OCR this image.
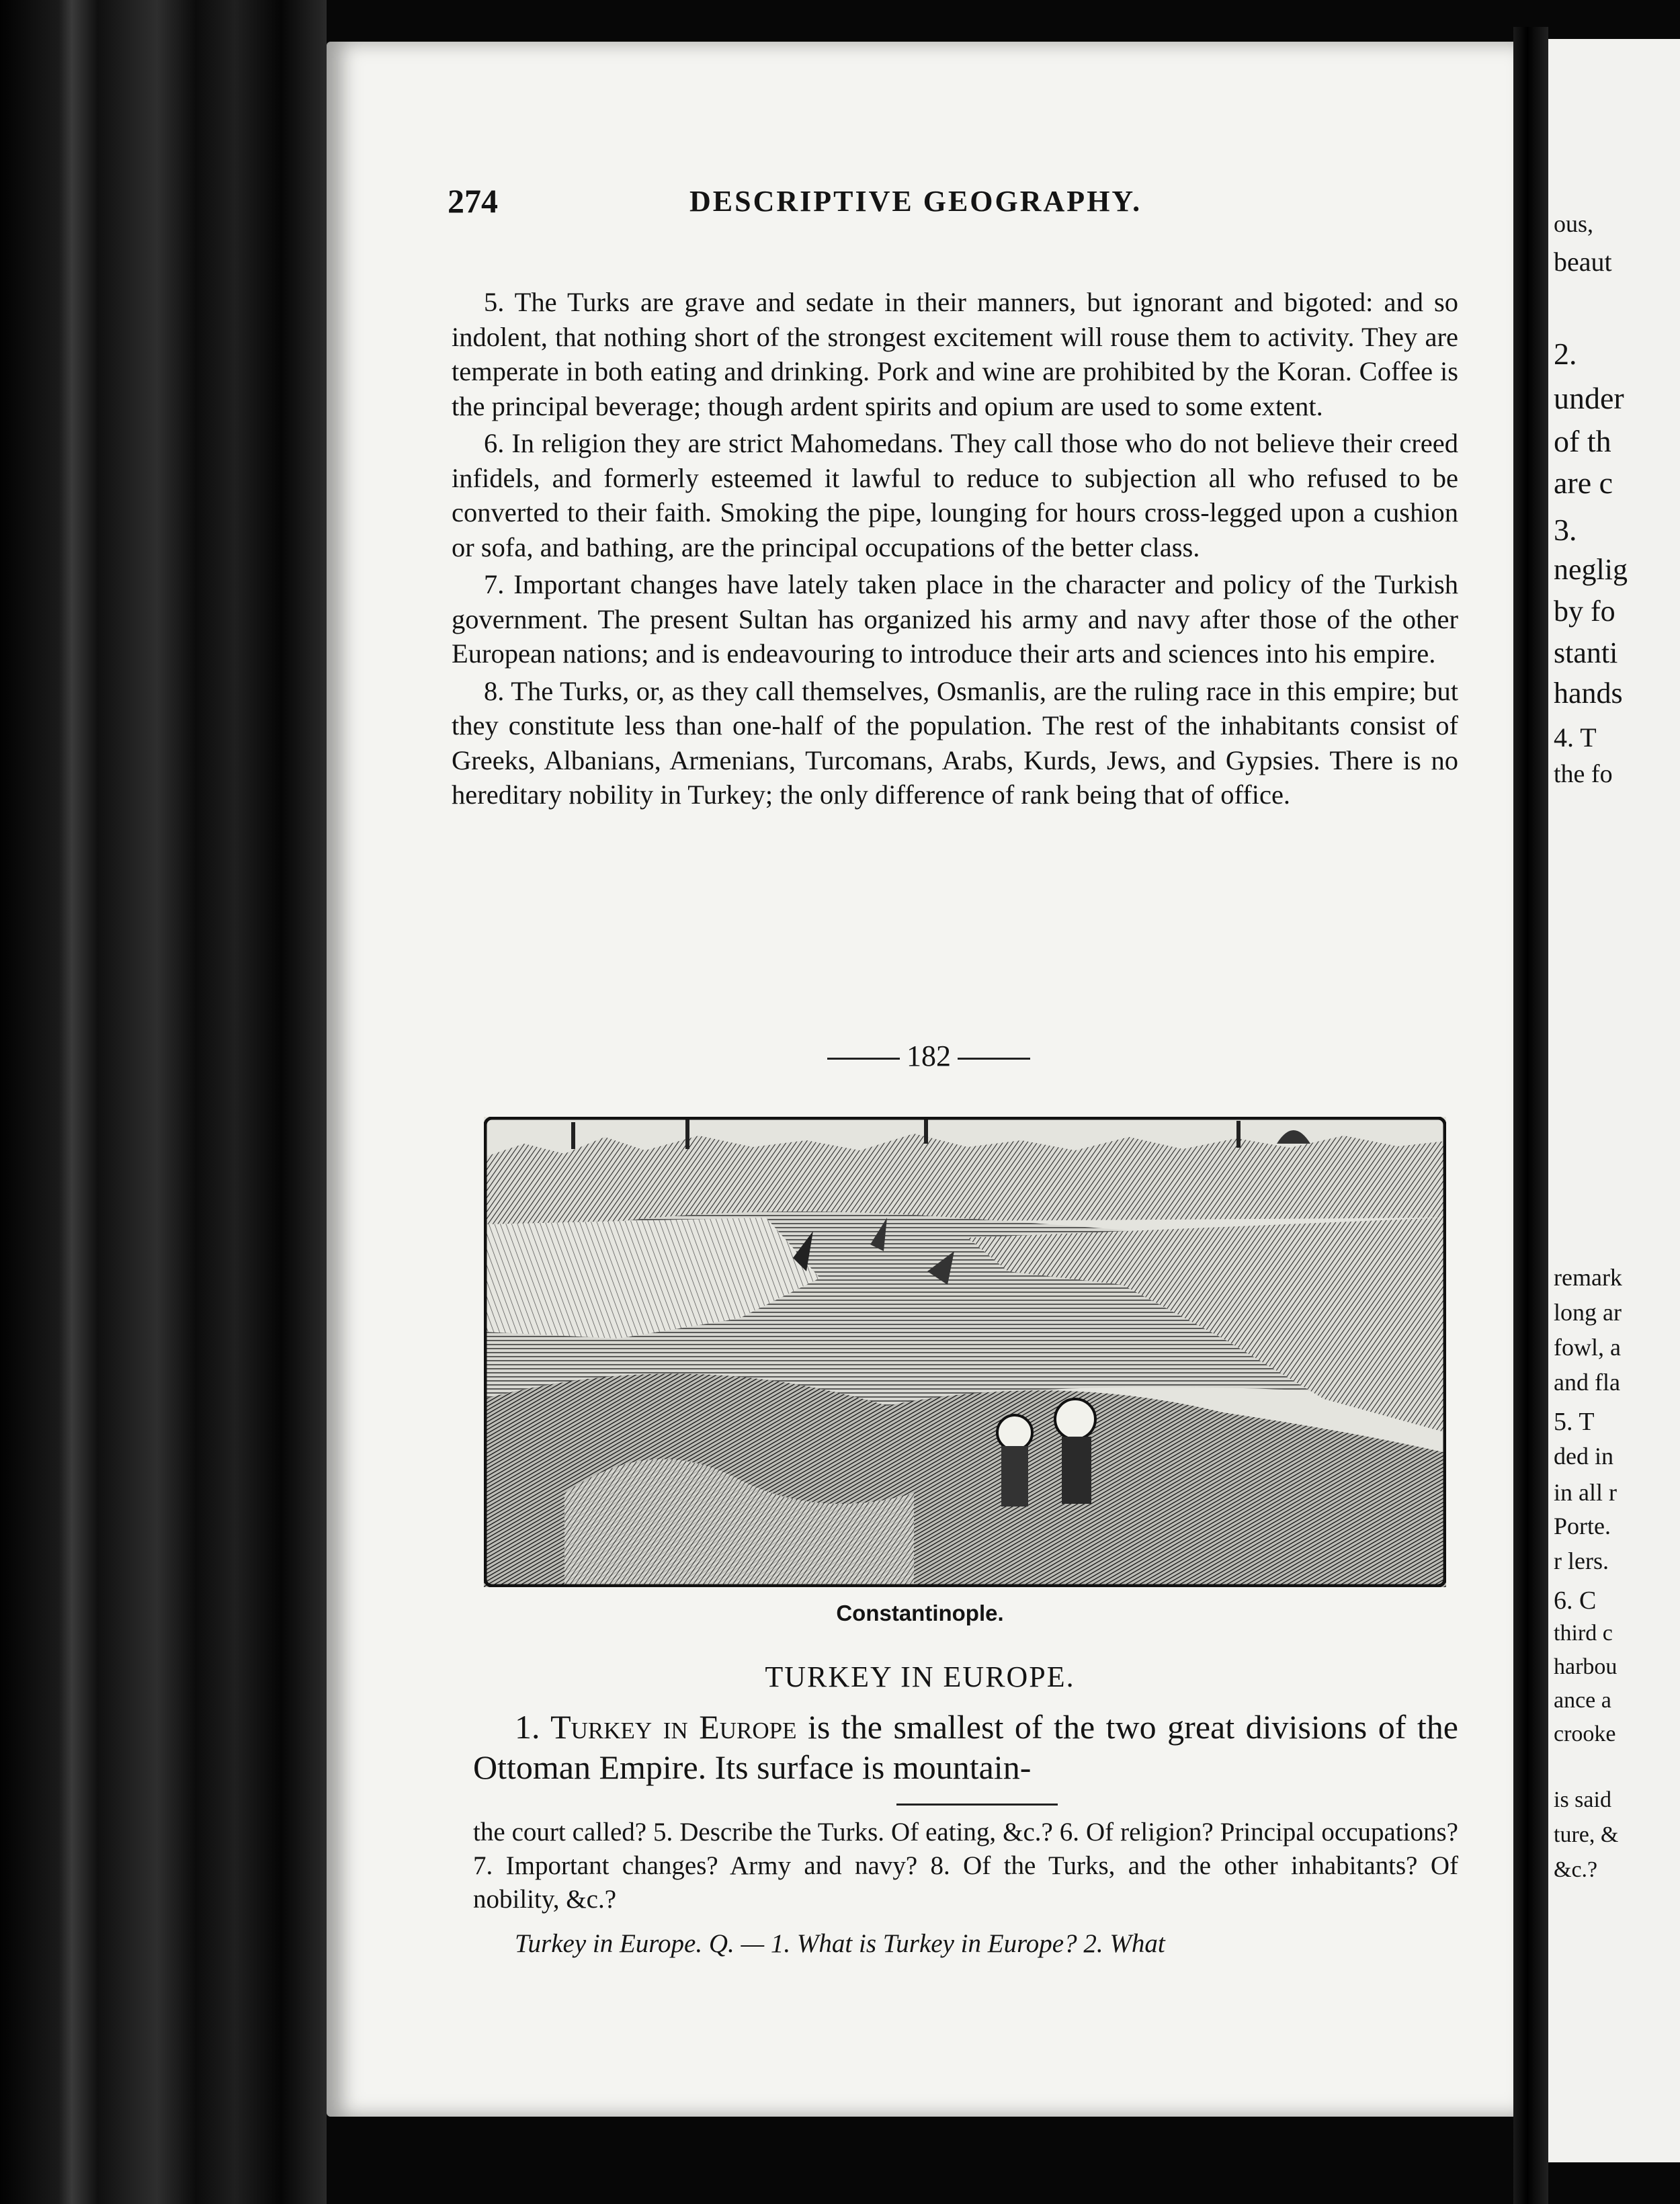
274	DESCRIPTIVE GEOGRAPHY.

5. The Turks are grave and sedate in their manners, but ignorant and bigoted: and so indolent, that nothing short of the strongest excitement will rouse them to activity. They are temperate in both eating and drinking. Pork and wine are prohibited by the Koran. Coffee is the principal beverage; though ardent spirits and opium are used to some extent.

6. In religion they are strict Mahomedans. They call those who do not believe their creed infidels, and formerly esteemed it lawful to reduce to subjection all who refused to be converted to their faith. Smoking the pipe, lounging for hours cross-legged upon a cushion or sofa, and bathing, are the principal occupations of the better class.

7. Important changes have lately taken place in the character and policy of the Turkish government. The present Sultan has organized his army and navy after those of the other European nations; and is endeavouring to introduce their arts and sciences into his empire.

8. The Turks, or, as they call themselves, Osmanlis, are the ruling race in this empire; but they constitute less than one-half of the population. The rest of the inhabitants consist of Greeks, Albanians, Armenians, Turcomans, Arabs, Kurds, Jews, and Gypsies. There is no hereditary nobility in Turkey; the only difference of rank being that of office.

182
Constantinople.
TURKEY IN EUROPE.

1. Turkey in Europe is the smallest of the two great divisions of the Ottoman Empire. Its surface is mountain-

the court called? 5. Describe the Turks. Of eating, &c.? 6. Of religion? Principal occupations? 7. Important changes? Army and navy? 8. Of the Turks, and the other inhabitants? Of nobility, &c.?

Turkey in Europe. Q. — 1. What is Turkey in Europe? 2. What
ous,
beaut
2.
under
of th
are c
3.
neglig
by fo
stanti
hands
4. T
the fo
remark
long ar
fowl, a
and fla
5. T
ded in
in all r
Porte.
r lers.
6. C
third c
harbou
ance a
crooke
is said
ture, &
&c.?
